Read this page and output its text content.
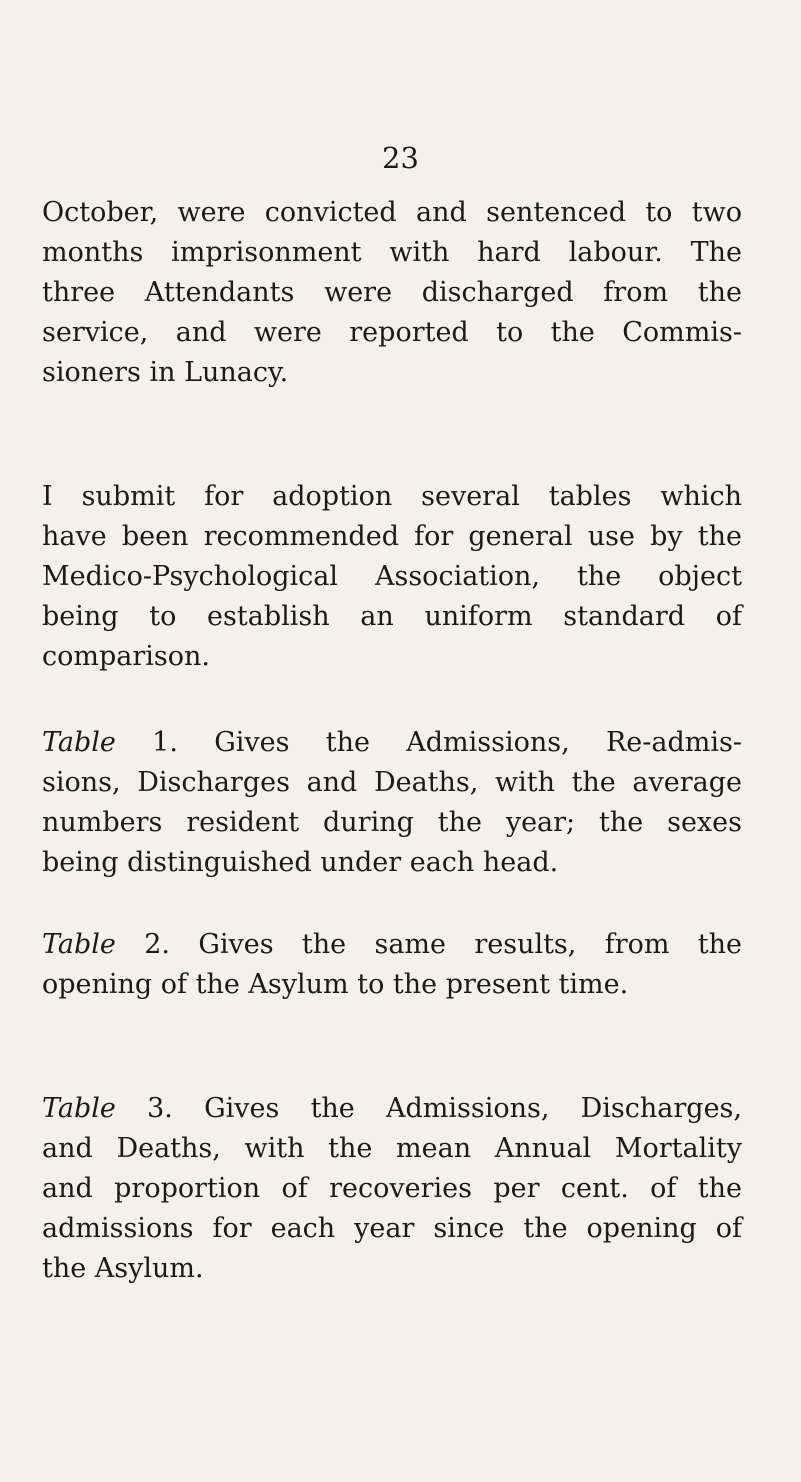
23
October, were convicted and sentenced to two
months imprisonment with hard labour. The
three Attendants were discharged from the
service, and were reported to the Commis-
sioners in Lunacy.
I submit for adoption several tables which
have been recommended for general use by the
Medico-Psychological Association, the object
being to establish an uniform standard of
comparison.
Table 1. Gives the Admissions, Re-admis-
sions, Discharges and Deaths, with the average
numbers resident during the year; the sexes
being distinguished under each head.
Table 2. Gives the same results, from the
opening of the Asylum to the present time.
Table 3. Gives the Admissions, Discharges,
and Deaths, with the mean Annual Mortality
and proportion of recoveries per cent. of the
admissions for each year since the opening of
the Asylum.
